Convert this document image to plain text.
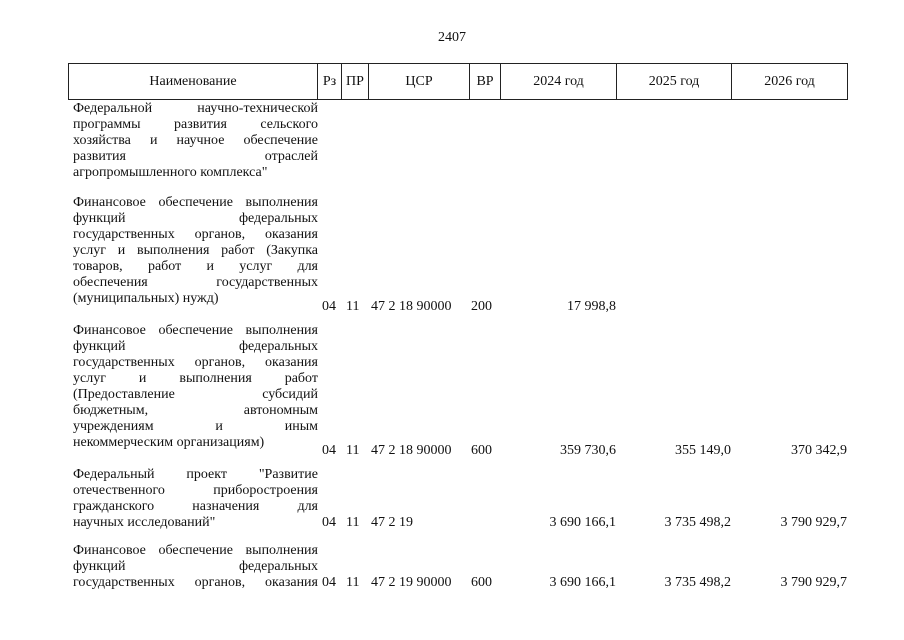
2407
Наименование	Рз ПР	ЦСР	ВР	2024 год	2025 год	2026 год
Федеральной научно-технической
программы развития сельского
хозяйства и научное обеспечение
развития отраслей
агропромышленного комплекса"
Финансовое обеспечение выполнения
функций федеральных
государственных органов, оказания
услуг и выполнения работ (Закупка
товаров, работ и услуг для
обеспечения государственных
(муниципальных) нужд)
04 11 47 2 18 90000 200	17 998,8
Финансовое обеспечение выполнения
функций федеральных
государственных органов, оказания
услуг и выполнения работ
(Предоставление субсидий
бюджетным, автономным
учреждениям и иным
некоммерческим организациям)
04 11 47 2 18 90000 600	359 730,6	355 149,0	370 342,9
Федеральный проект "Развитие
отечественного приборостроения
гражданского назначения для
научных исследований"	04 11 47 2 19	3 690 166,1	3 735 498,2	3 790 929,7
Финансовое обеспечение выполнения
функций федеральных
государственных органов, оказания 04 11 47 2 19 90000 600	3 690 166,1	3 735 498,2	3 790 929,7
